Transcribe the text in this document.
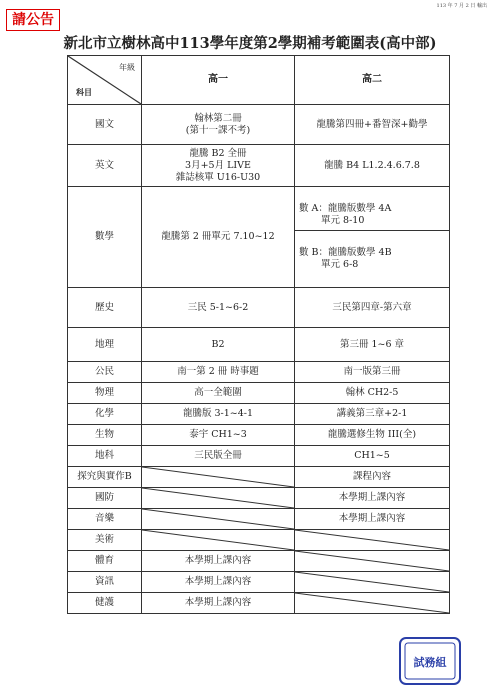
113 年 7 月 2 日 輸出
請公告
新北市立樹林高中113學年度第2學期補考範圍表(高中部)

年級

科目	高一	高二
國文	翰林第二冊
(第十一課不考)	龍騰第四冊+番智深+勸學
英文	龍騰 B2 全冊
3月+5月 LIVE
雜誌核單 U16-U30	龍騰 B4 L1.2.4.6.7.8
數學	龍騰第 2 冊單元 7.10~12	數 A：龍騰版數學 4A
單元 8-10

數 B：龍騰版數學 4B
單元 6-8

歷史	三民 5-1~6-2	三民第四章-第六章
地理	B2	第三冊 1~6 章
公民	南一第 2 冊 時事題	南一版第三冊
物理	高一全範圍	翰林 CH2-5
化學	龍騰版 3-1~4-1	講義第三章+2-1
生物	泰宇 CH1~3	龍騰選修生物 III(全)
地科	三民版全冊	CH1~5
探究與實作B		課程內容
國防		本學期上課內容
音樂		本學期上課內容
美術	

體育	本學期上課內容	

資訊	本學期上課內容	

健護	本學期上課內容	
試務組
